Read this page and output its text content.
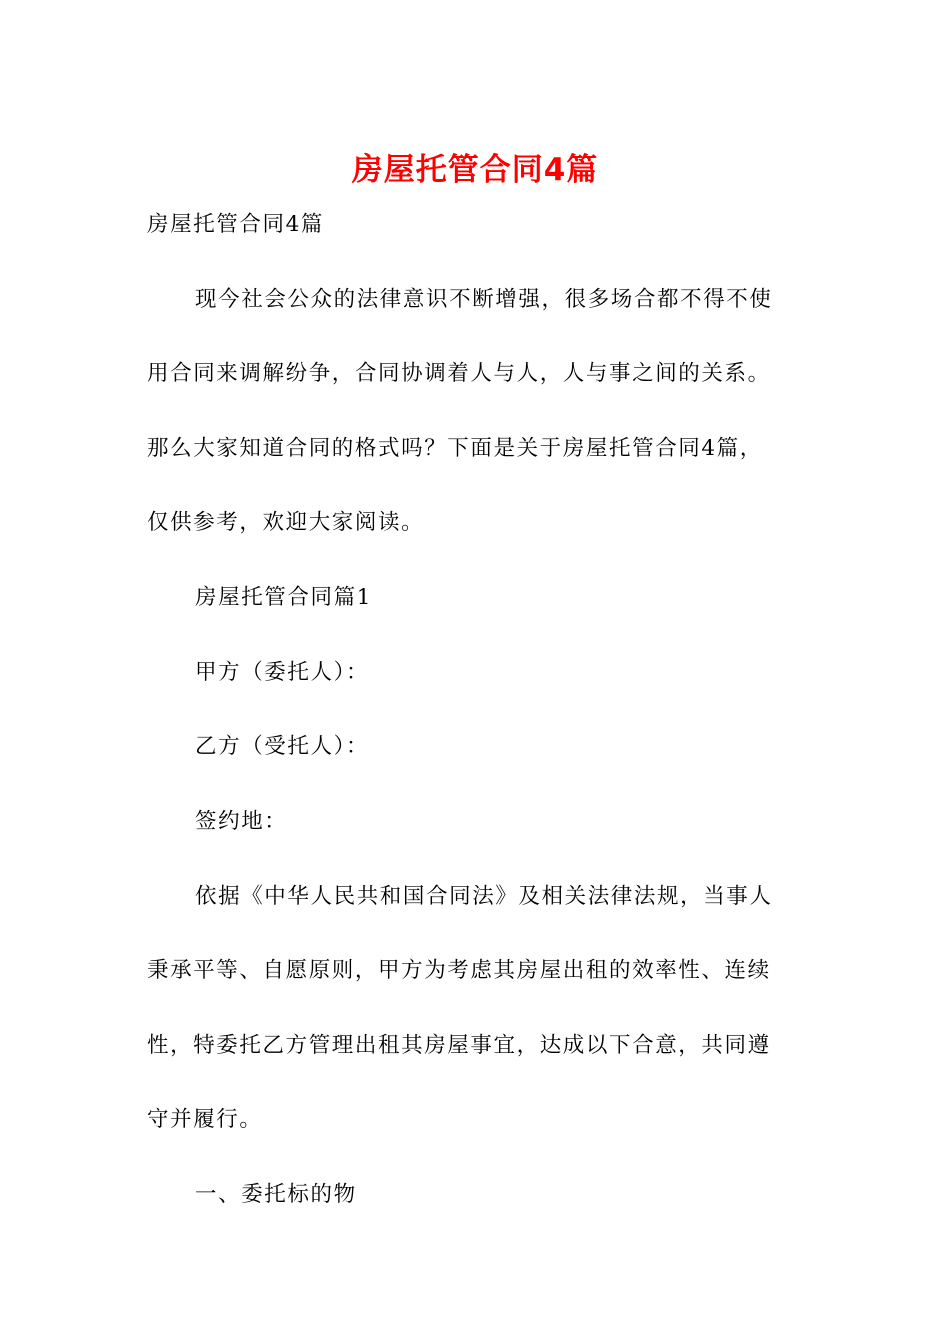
房屋托管合同4篇
房屋托管合同4篇
现今社会公众的法律意识不断增强，很多场合都不得不使
用合同来调解纷争，合同协调着人与人，人与事之间的关系。
那么大家知道合同的格式吗？下面是关于房屋托管合同4篇，
仅供参考，欢迎大家阅读。
房屋托管合同篇1
甲方（委托人）：
乙方（受托人）：
签约地：
依据《中华人民共和国合同法》及相关法律法规，当事人
秉承平等、自愿原则，甲方为考虑其房屋出租的效率性、连续
性，特委托乙方管理出租其房屋事宜，达成以下合意，共同遵
守并履行。
一、委托标的物
